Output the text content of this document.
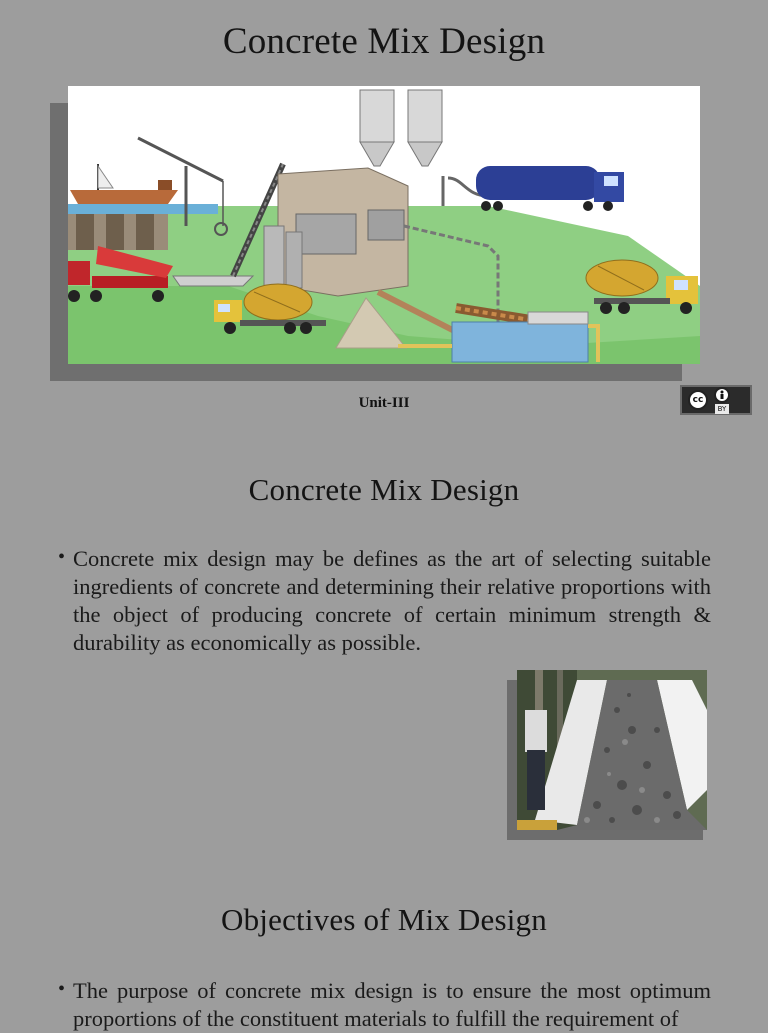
Concrete Mix Design
Unit-III	cc
BY
Concrete Mix Design
• Concrete mix design may be defines as the art of selecting suitable ingredients of concrete and determining their relative proportions with the object of producing concrete of certain minimum strength & durability as economically as possible.
Objectives of Mix Design
• The purpose of concrete mix design is to ensure the most optimum proportions of the constituent materials to fulfill the requirement of
